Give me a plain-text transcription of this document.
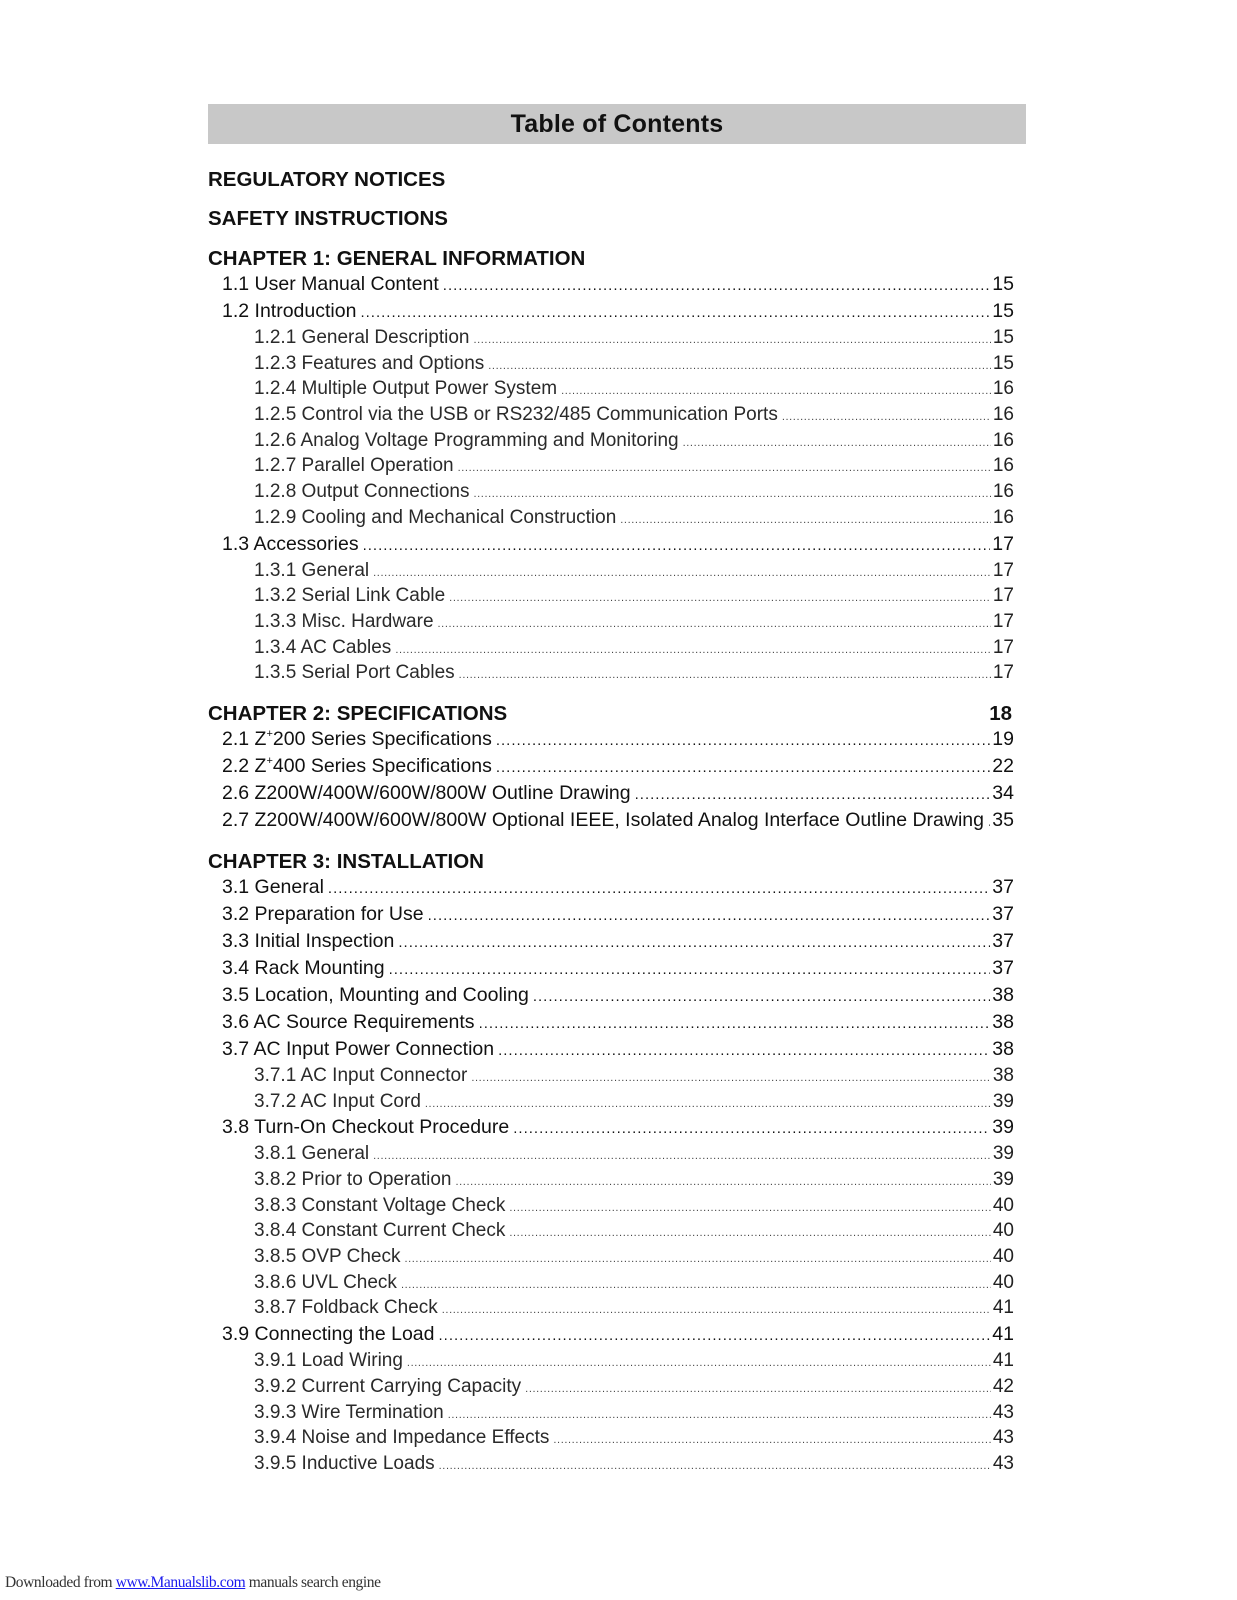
Table of Contents
REGULATORY NOTICES
SAFETY INSTRUCTIONS
CHAPTER 1: GENERAL INFORMATION
1.1 User Manual Content .....	15
1.2 Introduction .....	15
1.2.1 General Description .....	15
1.2.3 Features and Options .....	15
1.2.4 Multiple Output Power System .....	16
1.2.5 Control via the USB or RS232/485 Communication Ports .....	16
1.2.6 Analog Voltage Programming and Monitoring .....	16
1.2.7 Parallel Operation .....	16
1.2.8 Output Connections .....	16
1.2.9 Cooling and Mechanical Construction .....	16
1.3 Accessories .....	17
1.3.1 General .....	17
1.3.2 Serial Link Cable .....	17
1.3.3 Misc. Hardware .....	17
1.3.4 AC Cables .....	17
1.3.5 Serial Port Cables .....	17
CHAPTER 2: SPECIFICATIONS	18
2.1 Z+200 Series Specifications .....	19
2.2 Z+400 Series Specifications .....	22
2.6 Z200W/400W/600W/800W Outline Drawing .....	34
2.7 Z200W/400W/600W/800W Optional IEEE, Isolated Analog Interface Outline Drawing ..... 35
CHAPTER 3: INSTALLATION
3.1 General .....	37
3.2 Preparation for Use .....	37
3.3 Initial Inspection .....	37
3.4 Rack Mounting .....	37
3.5 Location, Mounting and Cooling .....	38
3.6 AC Source Requirements .....	38
3.7 AC Input Power Connection .....	38
3.7.1 AC Input Connector .....	38
3.7.2 AC Input Cord .....	39
3.8 Turn-On Checkout Procedure .....	39
3.8.1 General .....	39
3.8.2 Prior to Operation .....	39
3.8.3 Constant Voltage Check .....	40
3.8.4 Constant Current Check .....	40
3.8.5 OVP Check .....	40
3.8.6 UVL Check .....	40
3.8.7 Foldback Check .....	41
3.9 Connecting the Load .....	41
3.9.1 Load Wiring .....	41
3.9.2 Current Carrying Capacity .....	42
3.9.3 Wire Termination .....	43
3.9.4 Noise and Impedance Effects .....	43
3.9.5 Inductive Loads .....	43
Downloaded from www.Manualslib.com manuals search engine
